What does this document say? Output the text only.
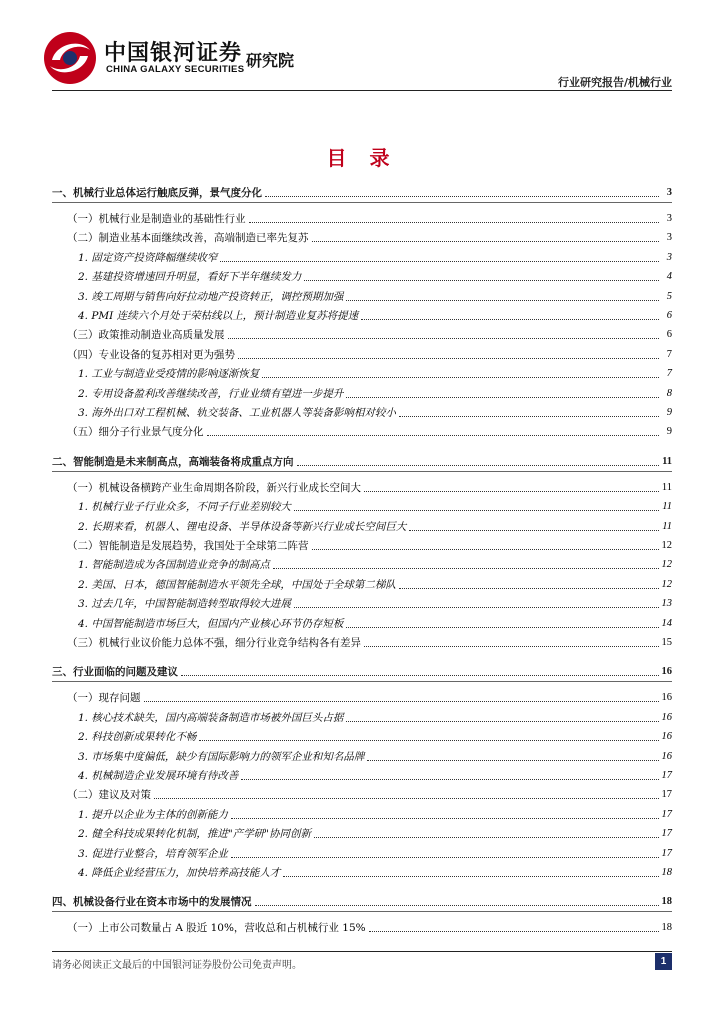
中国银河证券
CHINA GALAXY SECURITIES 研究院
行业研究报告/机械行业
目 录
一、机械行业总体运行触底反弹，景气度分化	3
（一）机械行业是制造业的基础性行业	3
（二）制造业基本面继续改善，高端制造已率先复苏	3
1. 固定资产投资降幅继续收窄	3
2. 基建投资增速回升明显，看好下半年继续发力	4
3. 竣工周期与销售向好拉动地产投资转正，调控预期加强	5
4. PMI 连续六个月处于荣枯线以上，预计制造业复苏将提速	6
（三）政策推动制造业高质量发展	6
（四）专业设备的复苏相对更为强势	7
1. 工业与制造业受疫情的影响逐渐恢复	7
2. 专用设备盈利改善继续改善，行业业绩有望进一步提升	8
3. 海外出口对工程机械、轨交装备、工业机器人等装备影响相对较小	9
（五）细分子行业景气度分化	9
二、智能制造是未来制高点，高端装备将成重点方向	11
（一）机械设备横跨产业生命周期各阶段，新兴行业成长空间大	11
1. 机械行业子行业众多，不同子行业差别较大	11
2. 长期来看，机器人、锂电设备、半导体设备等新兴行业成长空间巨大	11
（二）智能制造是发展趋势，我国处于全球第二阵营	12
1. 智能制造成为各国制造业竞争的制高点	12
2. 美国、日本，德国智能制造水平领先全球，中国处于全球第二梯队	12
3. 过去几年，中国智能制造转型取得较大进展	13
4. 中国智能制造市场巨大，但国内产业核心环节仍存短板	14
（三）机械行业议价能力总体不强，细分行业竞争结构各有差异	15
三、行业面临的问题及建议	16
（一）现存问题	16
1. 核心技术缺失，国内高端装备制造市场被外国巨头占据	16
2. 科技创新成果转化不畅	16
3. 市场集中度偏低，缺少有国际影响力的领军企业和知名品牌	16
4. 机械制造企业发展环境有待改善	17
（二）建议及对策	17
1. 提升以企业为主体的创新能力	17
2. 健全科技成果转化机制，推进"产学研"协同创新	17
3. 促进行业整合，培育领军企业	17
4. 降低企业经营压力，加快培养高技能人才	18
四、机械设备行业在资本市场中的发展情况	18
（一）上市公司数量占 A 股近 10%，营收总和占机械行业 15%	18
请务必阅读正文最后的中国银河证券股份公司免责声明。	1
